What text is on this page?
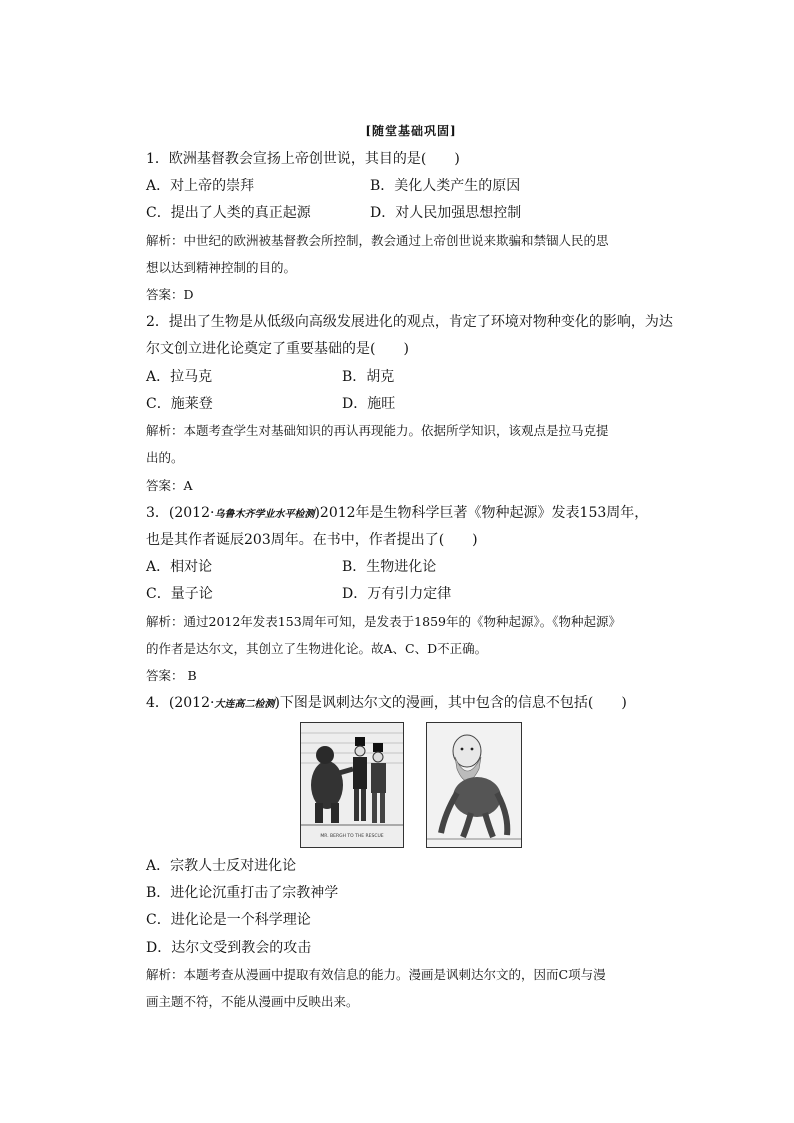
[随堂基础巩固]
1．欧洲基督教会宣扬上帝创世说，其目的是(　　)
A．对上帝的崇拜	B．美化人类产生的原因
C．提出了人类的真正起源	D．对人民加强思想控制
解析：中世纪的欧洲被基督教会所控制，教会通过上帝创世说来欺骗和禁锢人民的思
想以达到精神控制的目的。
答案：D
2．提出了生物是从低级向高级发展进化的观点，肯定了环境对物种变化的影响，为达
尔文创立进化论奠定了重要基础的是(　　)
A．拉马克	B．胡克
C．施莱登	D．施旺
解析：本题考查学生对基础知识的再认再现能力。依据所学知识，该观点是拉马克提
出的。
答案：A
3．(2012·乌鲁木齐学业水平检测)2012年是生物科学巨著《物种起源》发表153周年，
也是其作者诞辰203周年。在书中，作者提出了(　　)
A．相对论	B．生物进化论
C．量子论	D．万有引力定律
解析：通过2012年发表153周年可知，是发表于1859年的《物种起源》。《物种起源》
的作者是达尔文，其创立了生物进化论。故A、C、D不正确。
答案： B
4．(2012·大连高二检测)下图是讽刺达尔文的漫画，其中包含的信息不包括(　　)
MR. BERGH TO THE RESCUE
A．宗教人士反对进化论
B．进化论沉重打击了宗教神学
C．进化论是一个科学理论
D．达尔文受到教会的攻击
解析：本题考查从漫画中提取有效信息的能力。漫画是讽刺达尔文的，因而C项与漫
画主题不符，不能从漫画中反映出来。
